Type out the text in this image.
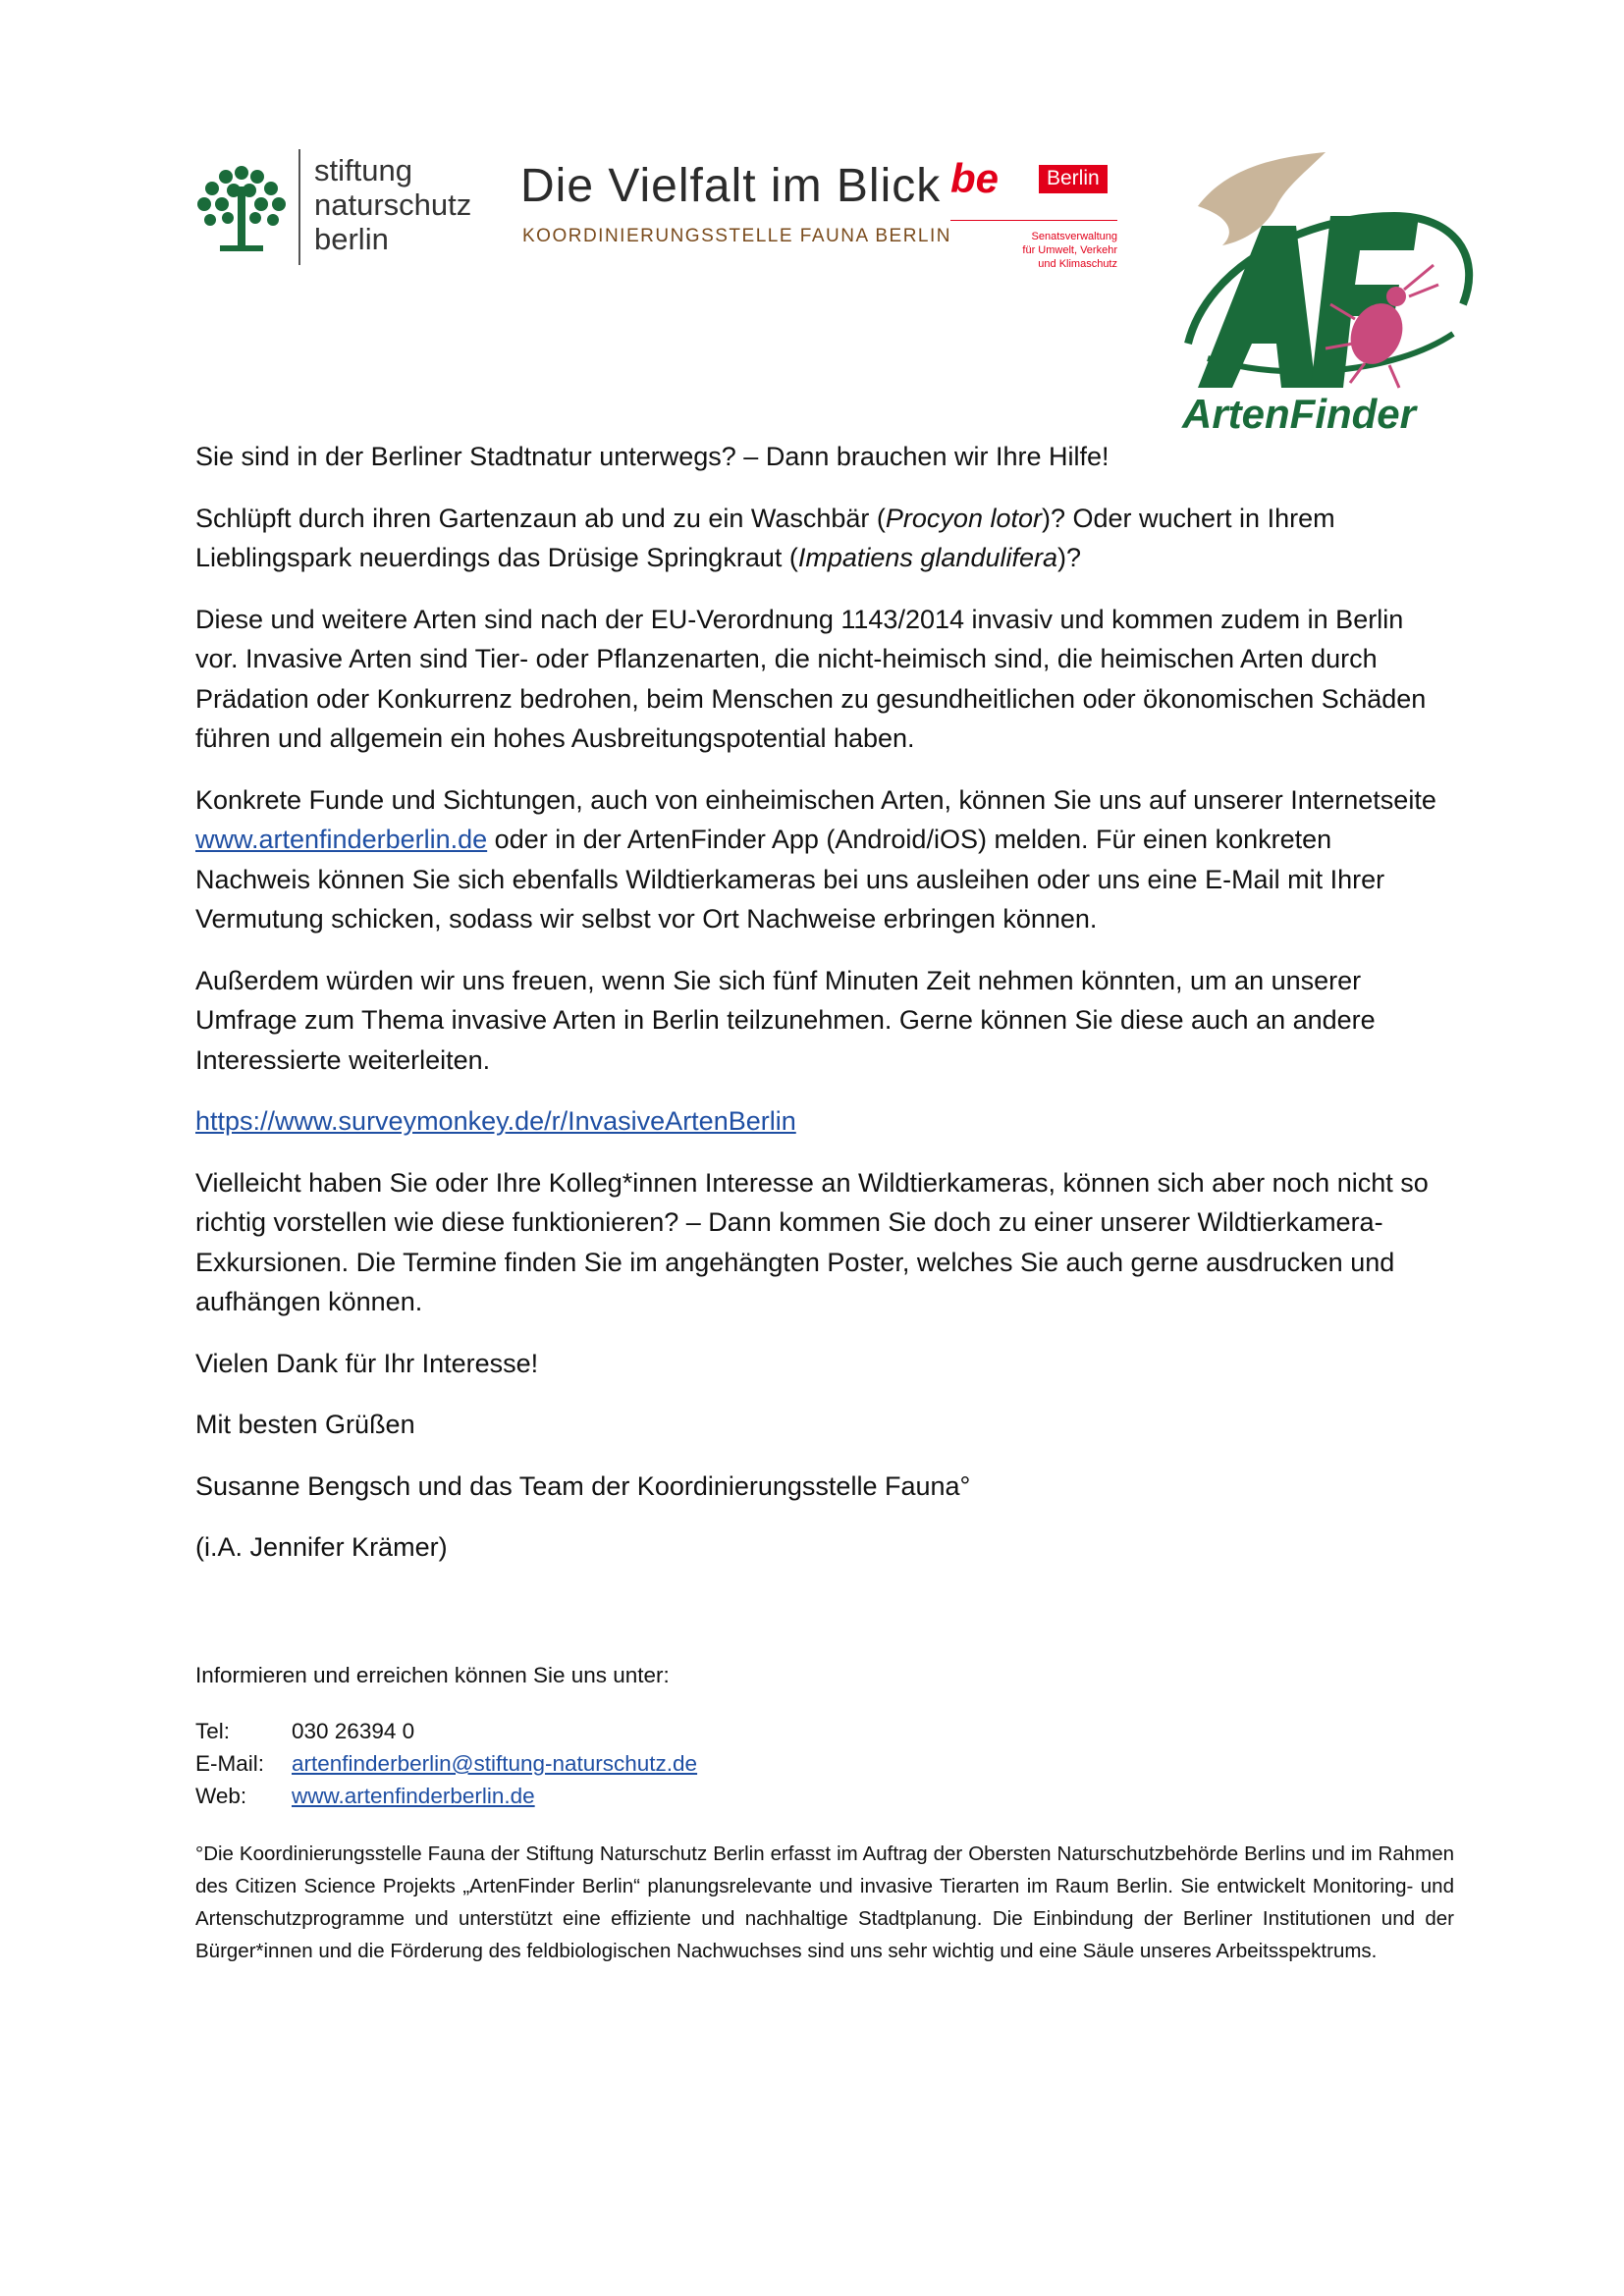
stiftung
naturschutz
berlin
Die Vielfalt im Blick
KOORDINIERUNGSSTELLE FAUNA BERLIN
be	Berlin
Senatsverwaltung
für Umwelt, Verkehr
und Klimaschutz
ArtenFinder

Sie sind in der Berliner Stadtnatur unterwegs? – Dann brauchen wir Ihre Hilfe!

Schlüpft durch ihren Gartenzaun ab und zu ein Waschbär (Procyon lotor)? Oder wuchert in Ihrem Lieblingspark neuerdings das Drüsige Springkraut (Impatiens glandulifera)?

Diese und weitere Arten sind nach der EU-Verordnung 1143/2014 invasiv und kommen zudem in Berlin vor. Invasive Arten sind Tier- oder Pflanzenarten, die nicht-heimisch sind, die heimischen Arten durch Prädation oder Konkurrenz bedrohen, beim Menschen zu gesundheitlichen oder ökonomischen Schäden führen und allgemein ein hohes Ausbreitungspotential haben.

Konkrete Funde und Sichtungen, auch von einheimischen Arten, können Sie uns auf unserer Internetseite www.artenfinderberlin.de oder in der ArtenFinder App (Android/iOS) melden. Für einen konkreten Nachweis können Sie sich ebenfalls Wildtierkameras bei uns ausleihen oder uns eine E-Mail mit Ihrer Vermutung schicken, sodass wir selbst vor Ort Nachweise erbringen können.

Außerdem würden wir uns freuen, wenn Sie sich fünf Minuten Zeit nehmen könnten, um an unserer Umfrage zum Thema invasive Arten in Berlin teilzunehmen. Gerne können Sie diese auch an andere Interessierte weiterleiten.

https://www.surveymonkey.de/r/InvasiveArtenBerlin

Vielleicht haben Sie oder Ihre Kolleg*innen Interesse an Wildtierkameras, können sich aber noch nicht so richtig vorstellen wie diese funktionieren? – Dann kommen Sie doch zu einer unserer Wildtierkamera-Exkursionen. Die Termine finden Sie im angehängten Poster, welches Sie auch gerne ausdrucken und aufhängen können.

Vielen Dank für Ihr Interesse!

Mit besten Grüßen

Susanne Bengsch und das Team der Koordinierungsstelle Fauna°

(i.A. Jennifer Krämer)

Informieren und erreichen können Sie uns unter:
Tel:	030 26394 0
E-Mail:	artenfinderberlin@stiftung-naturschutz.de
Web:	www.artenfinderberlin.de
°Die Koordinierungsstelle Fauna der Stiftung Naturschutz Berlin erfasst im Auftrag der Obersten Naturschutzbehörde Berlins und im Rahmen des Citizen Science Projekts „ArtenFinder Berlin“ planungsrelevante und invasive Tierarten im Raum Berlin. Sie entwickelt Monitoring- und Artenschutzprogramme und unterstützt eine effiziente und nachhaltige Stadtplanung. Die Einbindung der Berliner Institutionen und der Bürger*innen und die Förderung des feldbiologischen Nachwuchses sind uns sehr wichtig und eine Säule unseres Arbeitsspektrums.
